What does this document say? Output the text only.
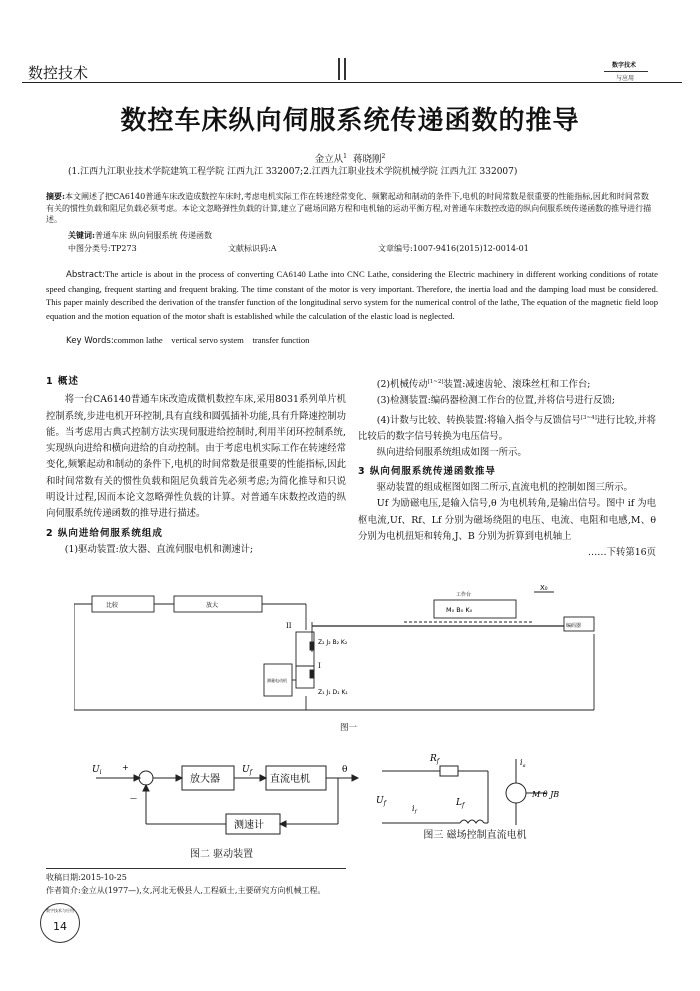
数控技术	数字技术
与应用
数控车床纵向伺服系统传递函数的推导
金立从$^1$ 蒋晓刚$^2$
(1.江西九江职业技术学院建筑工程学院 江西九江 332007;2.江西九江职业技术学院机械学院 江西九江 332007)
摘要:本文阐述了把CA6140普通车床改造成数控车床时,考虑电机实际工作在转速经常变化、频繁起动和制动的条件下,电机的时间常数是很重要的性能指标,因此和时间常数有关的惯性负载和阻尼负载必须考虑。本论文忽略弹性负载的计算,建立了磁场回路方程和电机轴的运动平衡方程,对普通车床数控改造的纵向伺服系统传递函数的推导进行描述。
关键词:普通车床 纵向伺服系统 传递函数
中图分类号:TP273	文献标识码:A	文章编号:1007-9416(2015)12-0014-01
Abstract:The article is about in the process of converting CA6140 Lathe into CNC Lathe, considering the Electric machinery in different working conditions of rotate speed changing, frequent starting and frequent braking. The time constant of the motor is very important. Therefore, the inertia load and the damping load must be considered. This paper mainly described the derivation of the transfer function of the longitudinal servo system for the numerical control of the lathe, The equation of the magnetic field loop equation and the motion equation of the motor shaft is established while the calculation of the elastic load is neglected.
Key Words:common lathe    vertical servo system    transfer function

1 概述

将一台CA6140普通车床改造成微机数控车床,采用8031系列单片机控制系统,步进电机开环控制,具有直线和圆弧插补功能,具有升降速控制功能。当考虑用古典式控制方法实现伺服进给控制时,利用半闭环控制系统,实现纵向进给和横向进给的自动控制。由于考虑电机实际工作在转速经常变化,频繁起动和制动的条件下,电机的时间常数是很重要的性能指标,因此和时间常数有关的惯性负载和阻尼负载首先必须考虑;为简化推导和只说明设计过程,因而本论文忽略弹性负载的计算。对普通车床数控改造的纵向伺服系统传递函数的推导进行描述。

2 纵向进给伺服系统组成

(1)驱动装置:放大器、直流伺服电机和测速计;

(2)机械传动[1~2]装置:减速齿轮、滚珠丝杠和工作台;

(3)检测装置:编码器检测工作台的位置,并将信号进行反馈;

(4)计数与比较、转换装置:将输入指令与反馈信号[3~4]进行比较,并将比较后的数字信号转换为电压信号。

纵向进给伺服系统组成如图一所示。

3 纵向伺服系统传递函数推导

驱动装置的组成框图如图二所示,直流电机的控制如图三所示。

Uf 为励磁电压,是输入信号,θ 为电机转角,是输出信号。图中 if 为电枢电流,Uf、Rf、Lf 分别为磁场绕阻的电压、电流、电阻和电感,M、θ 分别为电机扭矩和转角,J、B 分别为折算到电机轴上

……下转第16页

比较	放大
工作台
X₀
M₀ B₀ K₀
编码器
II
I
Z₂ J₂ B₂ K₂
Z₁ J₁ D₁ K₁
测量电动机
图一
$U_i$
+
—
放大器
$U_f$
直流电机
θ
测速计
图二 驱动装置
$R_f$
$U_f$
$i_f$
$L_f$
$i_a$
M θ JB
图三 磁场控制直流电机
收稿日期:2015-10-25
作者简介:金立从(1977—),女,河北无极县人,工程硕士,主要研究方向机械工程。
数字技术与应用
14
